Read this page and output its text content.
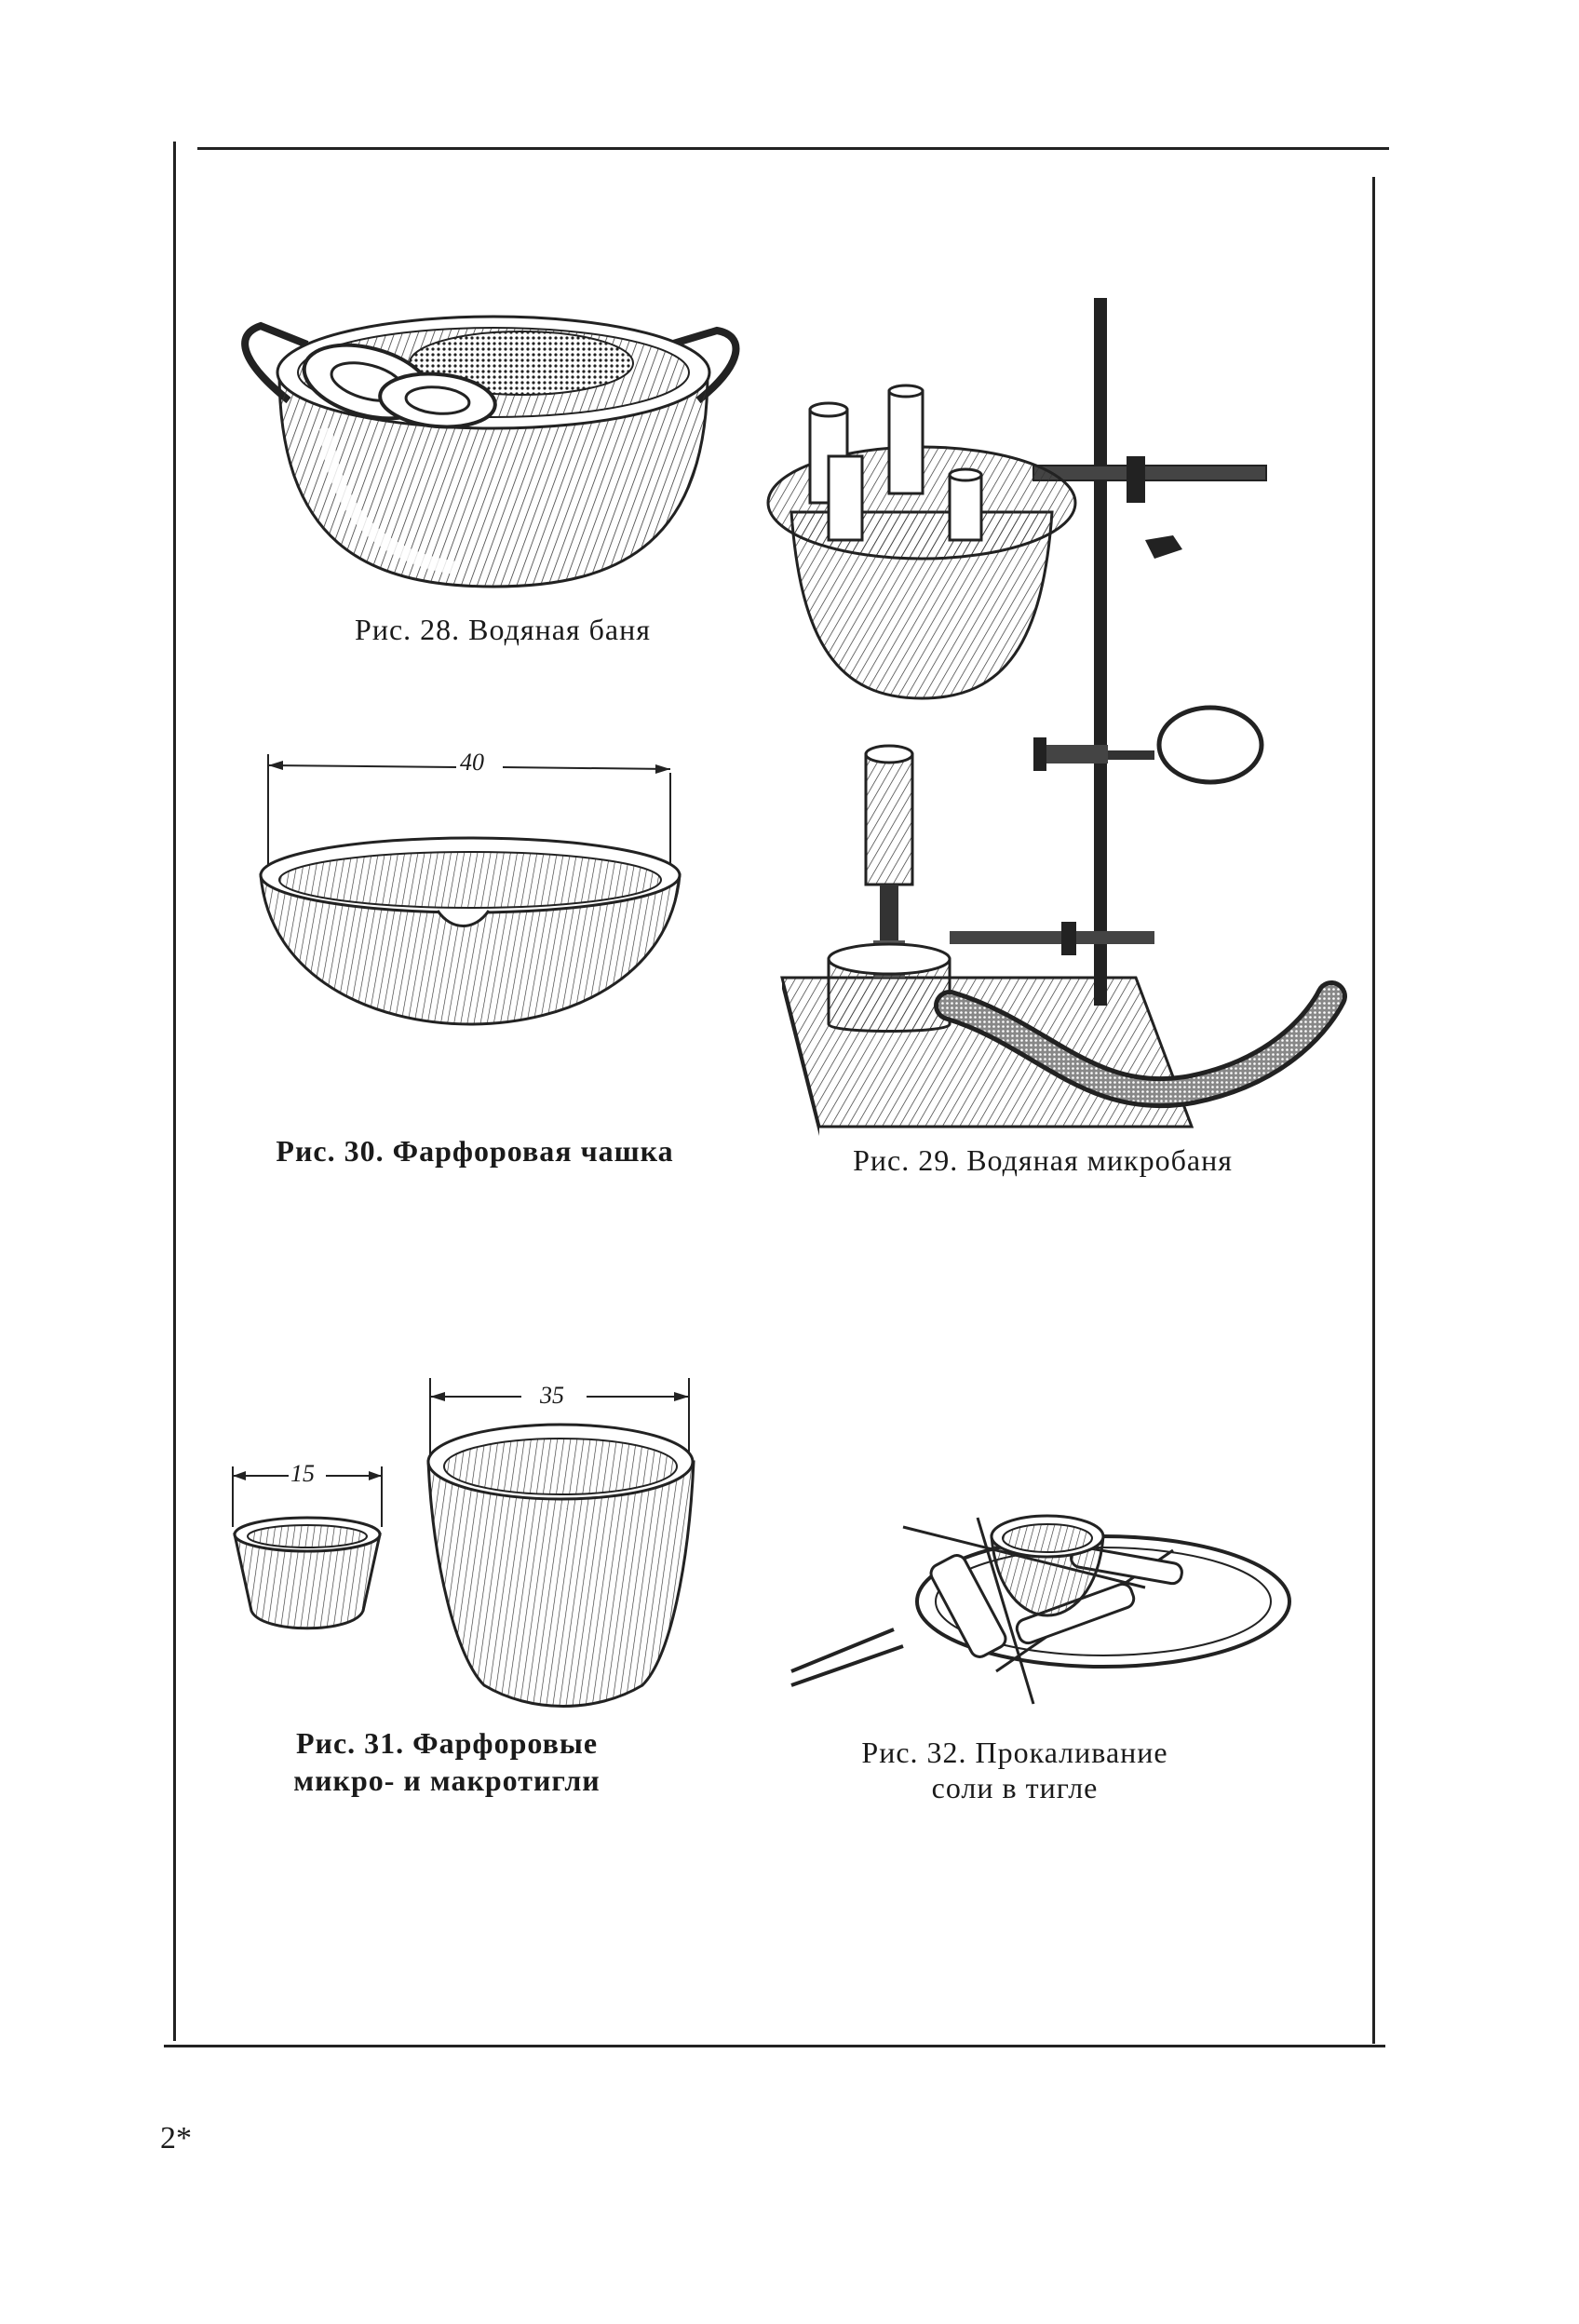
Рис. 28. Водяная баня
Рис. 29. Водяная микробаня
40
Рис. 30. Фарфоровая чашка
15
35
Рис. 31. Фарфоровые
микро- и макротигли
Рис. 32. Прокаливание
соли в тигле
2*
